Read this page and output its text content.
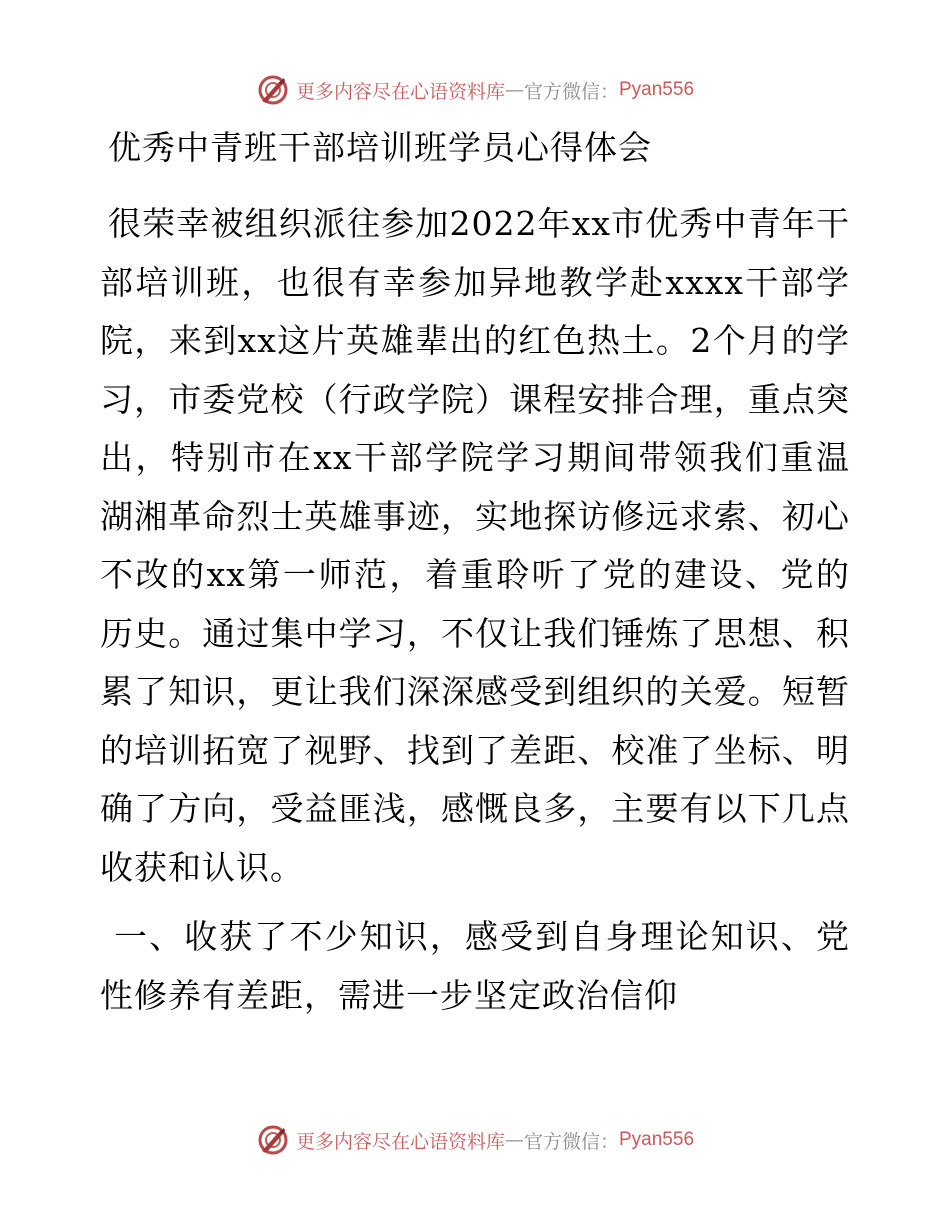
更多内容尽在心语资料库 — 官方微信： Pyan556
优秀中青班干部培训班学员心得体会

很荣幸被组织派往参加2022年xx市优秀中青年干部培训班，也很有幸参加异地教学赴xxxx干部学院，来到xx这片英雄辈出的红色热土。2个月的学习，市委党校（行政学院）课程安排合理，重点突出，特别市在xx干部学院学习期间带领我们重温湖湘革命烈士英雄事迹，实地探访修远求索、初心不改的xx第一师范，着重聆听了党的建设、党的历史。通过集中学习，不仅让我们锤炼了思想、积累了知识，更让我们深深感受到组织的关爱。短暂的培训拓宽了视野、找到了差距、校准了坐标、明确了方向，受益匪浅，感慨良多，主要有以下几点收获和认识。

一、收获了不少知识，感受到自身理论知识、党性修养有差距，需进一步坚定政治信仰

更多内容尽在心语资料库 — 官方微信： Pyan556
